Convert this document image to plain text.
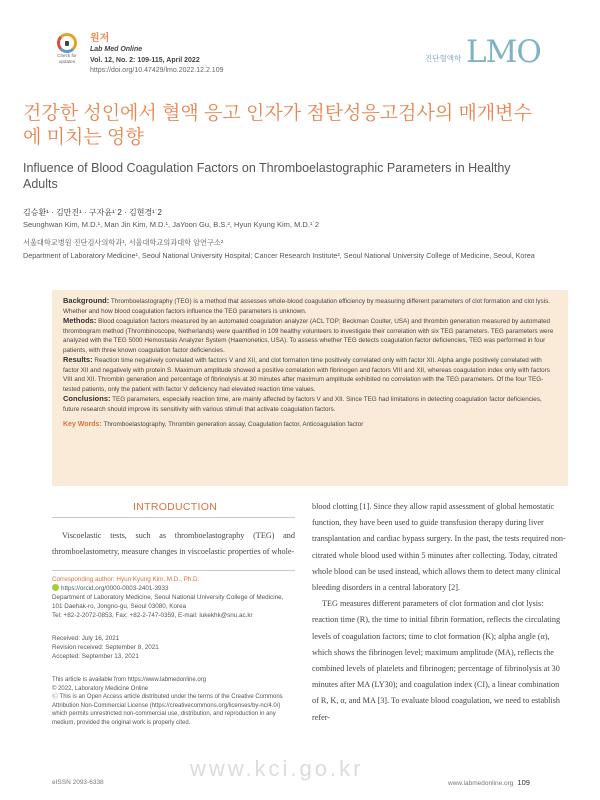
Check for updates
원저
Lab Med Online
Vol. 12, No. 2: 109-115, April 2022
https://doi.org/10.47429/lmo.2022.12.2.109
진단혈액학 LMO
건강한 성인에서 혈액 응고 인자가 점탄성응고검사의 매개변수에 미치는 영향
Influence of Blood Coagulation Factors on Thromboelastographic Parameters in Healthy Adults
김승환¹ · 김만진¹ · 구자윤¹˙2 · 김현경¹˙2
Seunghwan Kim, M.D.¹, Man Jin Kim, M.D.¹, JaYoon Gu, B.S.², Hyun Kyung Kim, M.D.¹˙2
서울대학교병원 진단검사의학과¹, 서울대학교의과대학 암연구소²
Department of Laboratory Medicine¹, Seoul National University Hospital; Cancer Research Institute², Seoul National University College of Medicine, Seoul, Korea

Background: Thromboelastography (TEG) is a method that assesses whole-blood coagulation efficiency by measuring different parameters of clot formation and clot lysis. Whether and how blood coagulation factors influence the TEG parameters is unknown.

Methods: Blood coagulation factors measured by an automated coagulation analyzer (ACL TOP; Beckman Coulter, USA) and thrombin generation measured by automated thrombogram method (Thrombinoscope, Netherlands) were quantified in 109 healthy volunteers to investigate their correlation with six TEG parameters. TEG parameters were analyzed with the TEG 5000 Hemostasis Analyzer System (Haemonetics, USA). To assess whether TEG detects coagulation factor deficiencies, TEG was performed in four patients, with three known coagulation factor deficiencies.

Results: Reaction time negatively correlated with factors V and XII, and clot formation time positively correlated only with factor XII. Alpha angle positively correlated with factor XII and negatively with protein S. Maximum amplitude showed a positive correlation with fibrinogen and factors VIII and XII, whereas coagulation index only with factors VIII and XII. Thrombin generation and percentage of fibrinolysis at 30 minutes after maximum amplitude exhibited no correlation with the TEG parameters. Of the four TEG-tested patients, only the patient with factor V deficiency had elevated reaction time values.

Conclusions: TEG parameters, especially reaction time, are mainly affected by factors V and XII. Since TEG had limitations in detecting coagulation factor deficiencies, future research should improve its sensitivity with various stimuli that activate coagulation factors.

Key Words: Thromboelastography, Thrombin generation assay, Coagulation factor, Anticoagulation factor

INTRODUCTION
Viscoelastic tests, such as thromboelastography (TEG) and thromboelastometry, measure changes in viscoelastic properties of whole-

blood clotting [1]. Since they allow rapid assessment of global hemostatic function, they have been used to guide transfusion therapy during liver transplantation and cardiac bypass surgery. In the past, the tests required non-citrated whole blood used within 5 minutes after collecting. Today, citrated whole blood can be used instead, which allows them to detect many clinical bleeding disorders in a central laboratory [2].

TEG measures different parameters of clot formation and clot lysis: reaction time (R), the time to initial fibrin formation, reflects the circulating levels of coagulation factors; time to clot formation (K); alpha angle (α), which shows the fibrinogen level; maximum amplitude (MA), reflects the combined levels of platelets and fibrinogen; percentage of fibrinolysis at 30 minutes after MA (LY30); and coagulation index (CI), a linear combination of R, K, α, and MA [3]. To evaluate blood coagulation, we need to establish refer-

Corresponding author: Hyun Kyung Kim, M.D., Ph.D.
https://orcid.org/0000-0003-2401-3933
Department of Laboratory Medicine, Seoul National University College of Medicine, 101 Daehak-ro, Jongno-gu, Seoul 03080, Korea
Tel: +82-2-2072-0853, Fax: +82-2-747-0359, E-mail: lukekhk@snu.ac.kr
Received: July 16, 2021
Revision received: September 8, 2021
Accepted: September 13, 2021
This article is available from https://www.labmedonline.org
© 2022, Laboratory Medicine Online
Ⓒ This is an Open Access article distributed under the terms of the Creative Commons Attribution Non-Commercial License (https://creativecommons.org/licenses/by-nc/4.0/) which permits unrestricted non-commercial use, distribution, and reproduction in any medium, provided the original work is properly cited.
www.kci.go.kr
eISSN 2093-6338	www.labmedonline.org 109
